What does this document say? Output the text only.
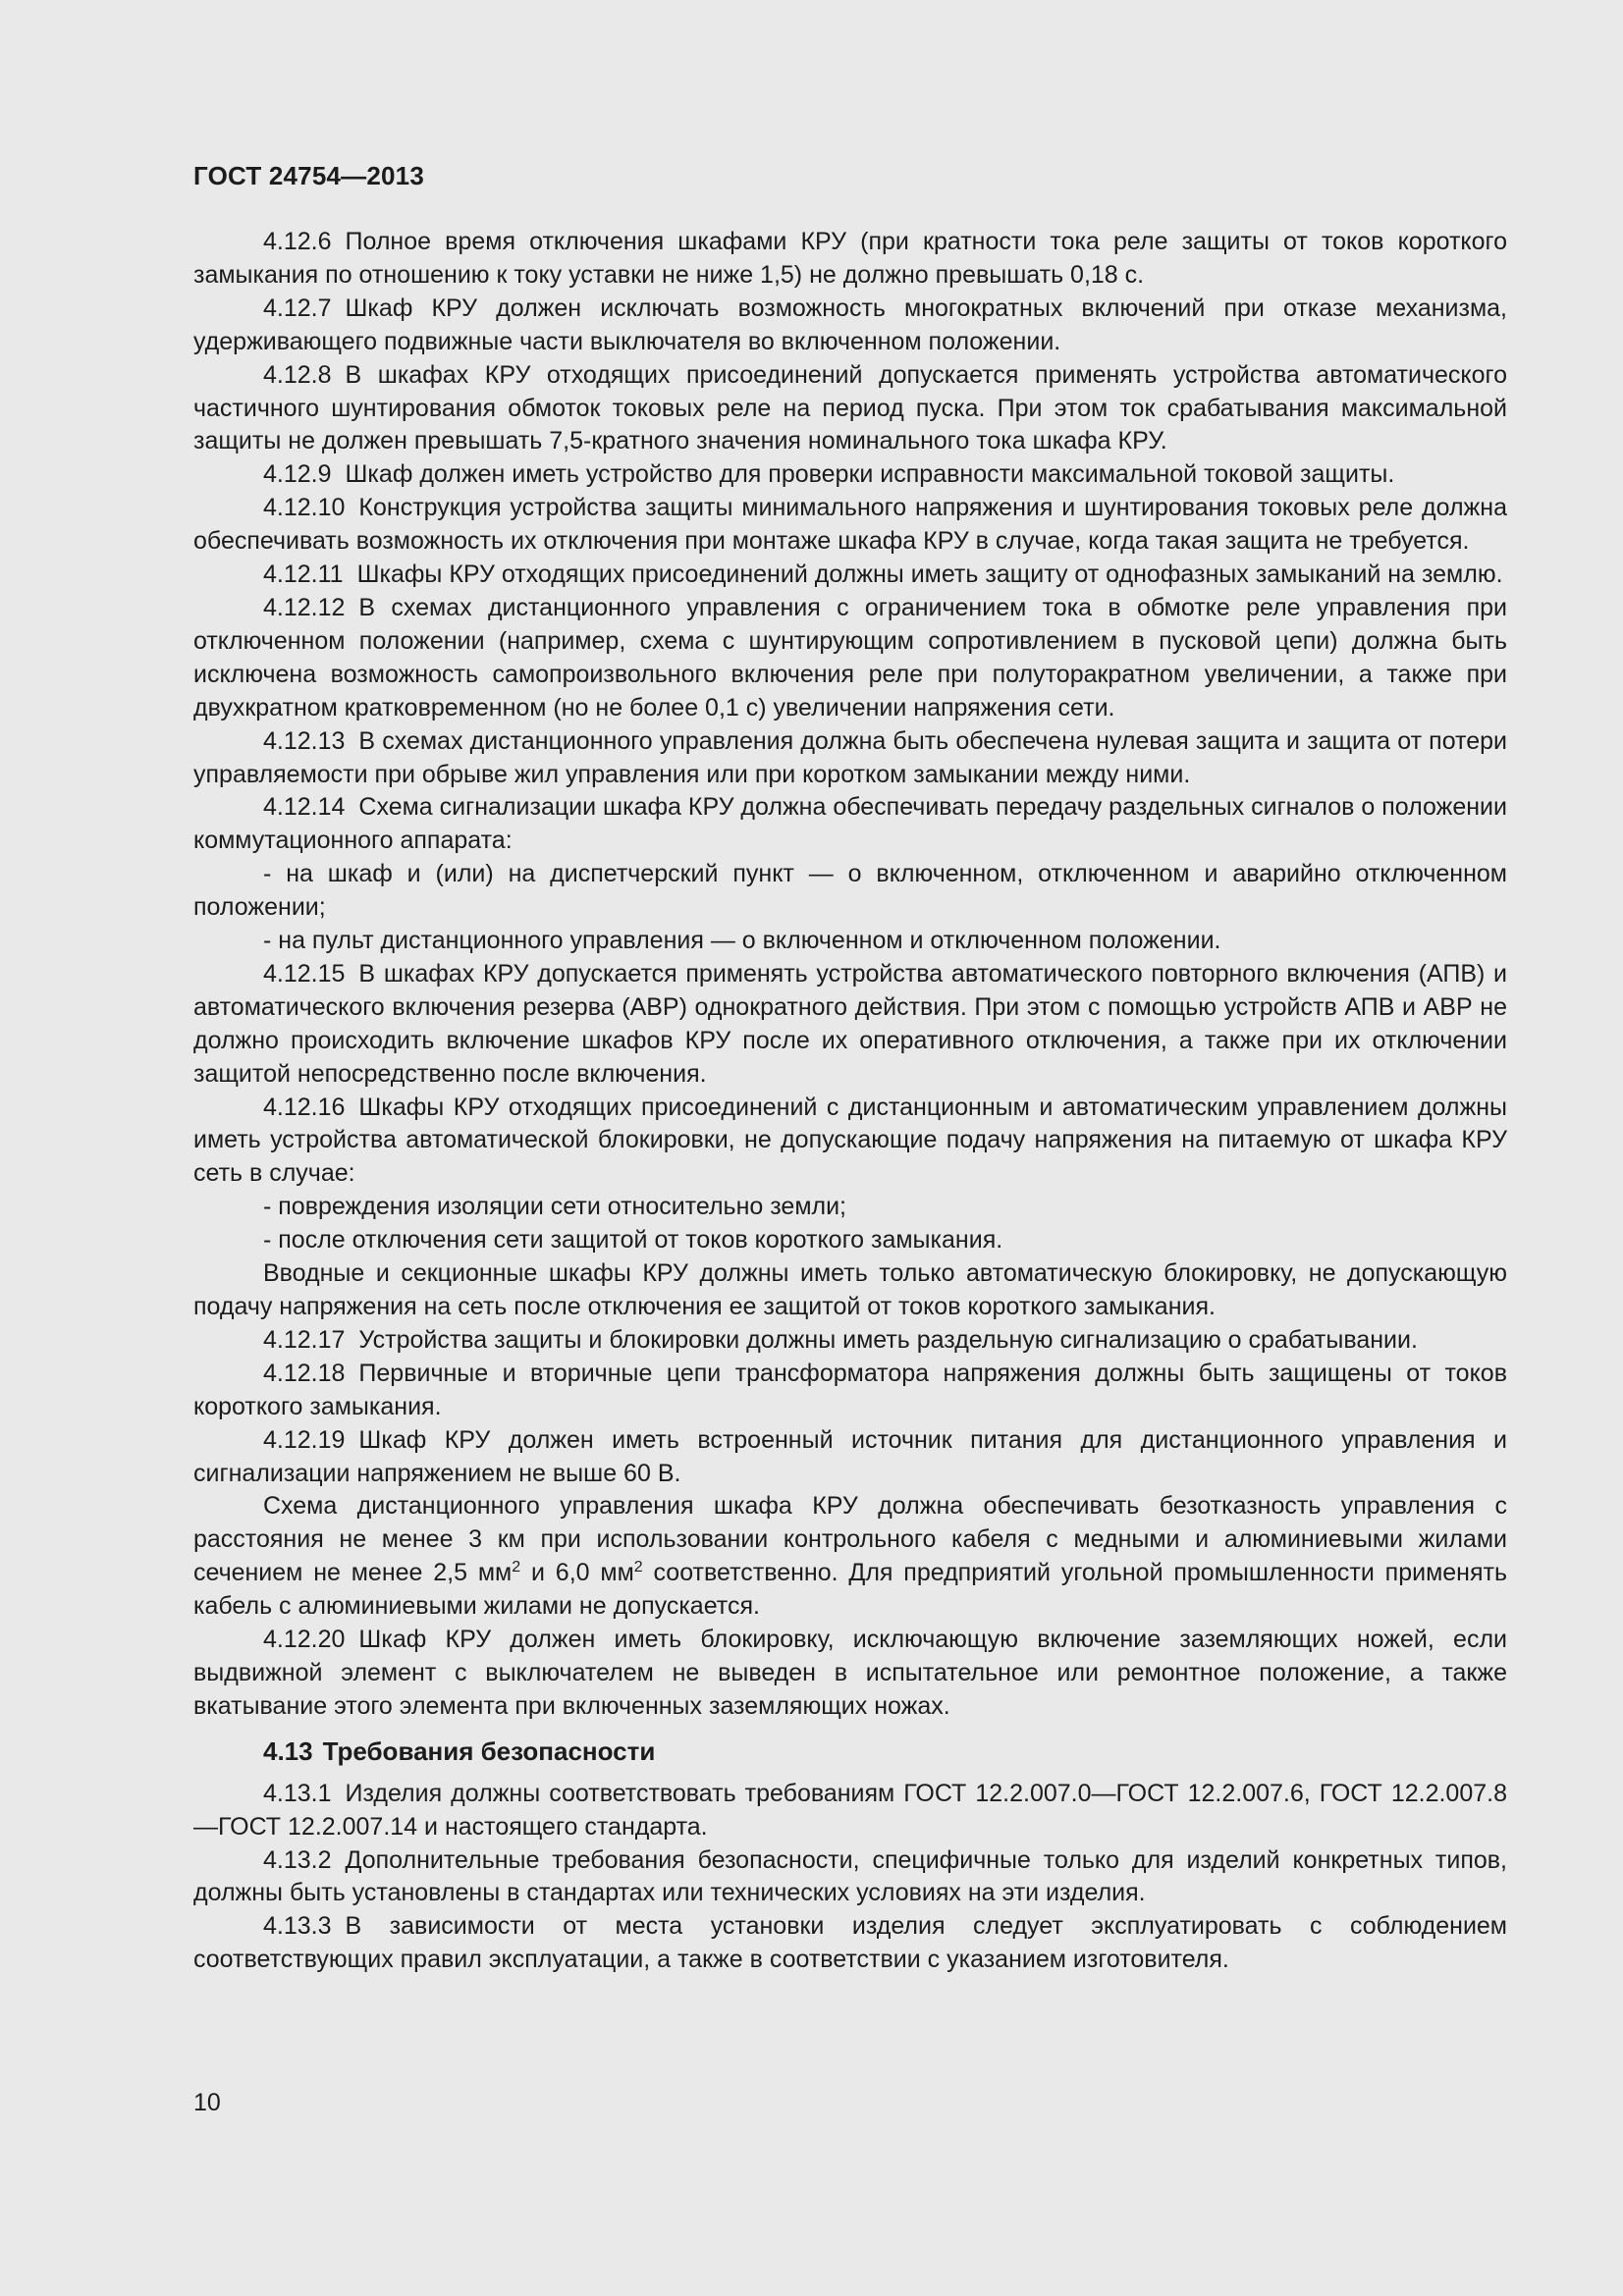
ГОСТ 24754—2013

4.12.6 Полное время отключения шкафами КРУ (при кратности тока реле защиты от токов короткого замыкания по отношению к току уставки не ниже 1,5) не должно превышать 0,18 с.

4.12.7 Шкаф КРУ должен исключать возможность многократных включений при отказе механизма, удерживающего подвижные части выключателя во включенном положении.

4.12.8 В шкафах КРУ отходящих присоединений допускается применять устройства автоматического частичного шунтирования обмоток токовых реле на период пуска. При этом ток срабатывания максимальной защиты не должен превышать 7,5-кратного значения номинального тока шкафа КРУ.

4.12.9 Шкаф должен иметь устройство для проверки исправности максимальной токовой защиты.

4.12.10 Конструкция устройства защиты минимального напряжения и шунтирования токовых реле должна обеспечивать возможность их отключения при монтаже шкафа КРУ в случае, когда такая защита не требуется.

4.12.11 Шкафы КРУ отходящих присоединений должны иметь защиту от однофазных замыканий на землю.

4.12.12 В схемах дистанционного управления с ограничением тока в обмотке реле управления при отключенном положении (например, схема с шунтирующим сопротивлением в пусковой цепи) должна быть исключена возможность самопроизвольного включения реле при полуторакратном увеличении, а также при двухкратном кратковременном (но не более 0,1 с) увеличении напряжения сети.

4.12.13 В схемах дистанционного управления должна быть обеспечена нулевая защита и защита от потери управляемости при обрыве жил управления или при коротком замыкании между ними.

4.12.14 Схема сигнализации шкафа КРУ должна обеспечивать передачу раздельных сигналов о положении коммутационного аппарата:

- на шкаф и (или) на диспетчерский пункт — о включенном, отключенном и аварийно отключенном положении;

- на пульт дистанционного управления — о включенном и отключенном положении.

4.12.15 В шкафах КРУ допускается применять устройства автоматического повторного включения (АПВ) и автоматического включения резерва (АВР) однократного действия. При этом с помощью устройств АПВ и АВР не должно происходить включение шкафов КРУ после их оперативного отключения, а также при их отключении защитой непосредственно после включения.

4.12.16 Шкафы КРУ отходящих присоединений с дистанционным и автоматическим управлением должны иметь устройства автоматической блокировки, не допускающие подачу напряжения на питаемую от шкафа КРУ сеть в случае:

- повреждения изоляции сети относительно земли;

- после отключения сети защитой от токов короткого замыкания.

Вводные и секционные шкафы КРУ должны иметь только автоматическую блокировку, не допускающую подачу напряжения на сеть после отключения ее защитой от токов короткого замыкания.

4.12.17 Устройства защиты и блокировки должны иметь раздельную сигнализацию о срабатывании.

4.12.18 Первичные и вторичные цепи трансформатора напряжения должны быть защищены от токов короткого замыкания.

4.12.19 Шкаф КРУ должен иметь встроенный источник питания для дистанционного управления и сигнализации напряжением не выше 60 В.

Схема дистанционного управления шкафа КРУ должна обеспечивать безотказность управления с расстояния не менее 3 км при использовании контрольного кабеля с медными и алюминиевыми жилами сечением не менее 2,5 $мм^2$ и 6,0 $мм^2$ соответственно. Для предприятий угольной промышленности применять кабель с алюминиевыми жилами не допускается.

4.12.20 Шкаф КРУ должен иметь блокировку, исключающую включение заземляющих ножей, если выдвижной элемент с выключателем не выведен в испытательное или ремонтное положение, а также вкатывание этого элемента при включенных заземляющих ножах.

4.13 Требования безопасности

4.13.1 Изделия должны соответствовать требованиям ГОСТ 12.2.007.0—ГОСТ 12.2.007.6, ГОСТ 12.2.007.8—ГОСТ 12.2.007.14 и настоящего стандарта.

4.13.2 Дополнительные требования безопасности, специфичные только для изделий конкретных типов, должны быть установлены в стандартах или технических условиях на эти изделия.

4.13.3 В зависимости от места установки изделия следует эксплуатировать с соблюдением соответствующих правил эксплуатации, а также в соответствии с указанием изготовителя.

10
